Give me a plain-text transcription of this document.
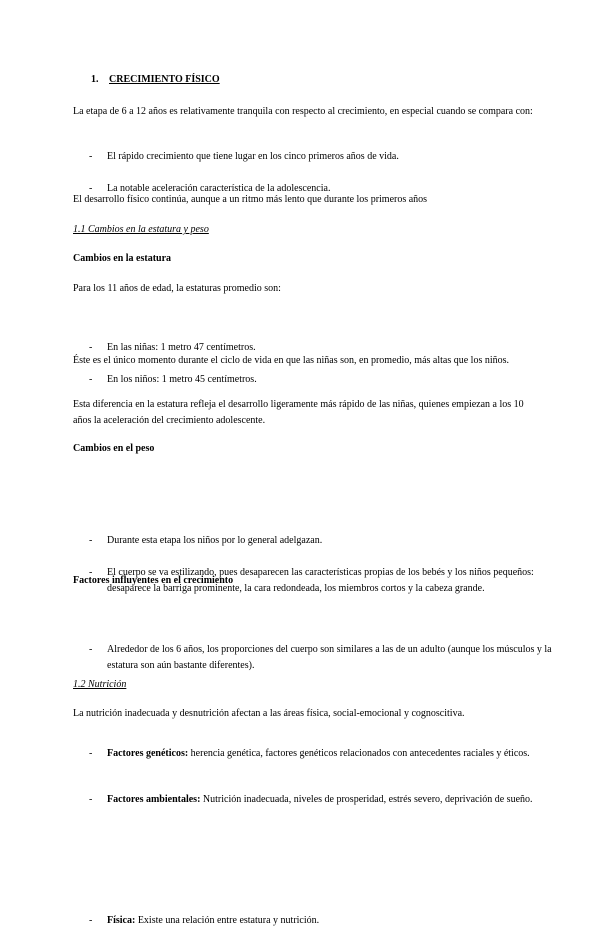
1. CRECIMIENTO FÍSICO

La etapa de 6 a 12 años es relativamente tranquila con respecto al crecimiento, en especial cuando se compara con:

- El rápido crecimiento que tiene lugar en los cinco primeros años de vida.
- La notable aceleración característica de la adolescencia.

El desarrollo físico continúa, aunque a un ritmo más lento que durante los primeros años

1.1 Cambios en la estatura y peso

Cambios en la estatura

Para los 11 años de edad, la estaturas promedio son:

- En las niñas: 1 metro 47 centímetros.
- En los niños: 1 metro 45 centímetros.

Éste es el único momento durante el ciclo de vida en que las niñas son, en promedio, más altas que los niños.

Esta diferencia en la estatura refleja el desarrollo ligeramente más rápido de las niñas, quienes empiezan a los 10 años la aceleración del crecimiento adolescente.

Cambios en el peso

- Durante esta etapa los niños por lo general adelgazan.
- El cuerpo se va estilizando, pues desaparecen las características propias de los bebés y los niños pequeños: desaparece la barriga prominente, la cara redondeada, los miembros cortos y la cabeza grande.
- Alrededor de los 6 años, los proporciones del cuerpo son similares a las de un adulto (aunque los músculos y la estatura son aún bastante diferentes).

Factores influyentes en el crecimiento

- Factores genéticos: herencia genética, factores genéticos relacionados con antecedentes raciales y éticos.
- Factores ambientales: Nutrición inadecuada, niveles de prosperidad, estrés severo, deprivación de sueño.

1.2 Nutrición

La nutrición inadecuada y desnutrición afectan a las áreas física, social-emocional y cognoscitiva.

- Física: Existe una relación entre estatura y nutrición.
